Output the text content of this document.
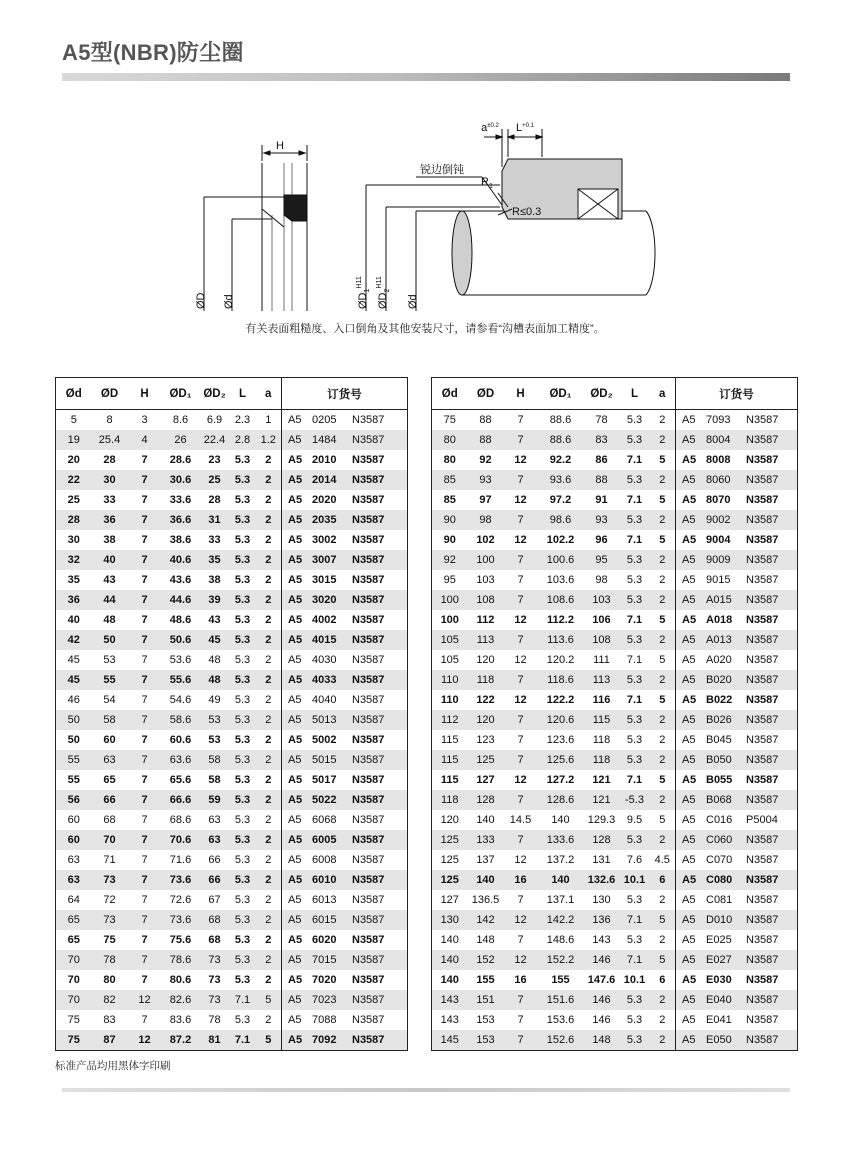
A5型(NBR)防尘圈
H
$a^{\pm 0.2}$ $L^{+0.1}$
锐边倒钝
$R_1$
R≤0.3
ØD Ød	$ØD_1^{H11}$
$ØD_2^{H11}$
Ød
有关表面粗糙度、入口倒角及其他安装尺寸，请参看“沟槽表面加工精度”。
Ød	ØD	H	ØD₁	ØD₂	L	a	订货号
5	8	3	8.6	6.9	2.3	1	A5 0205 N3587
19	25.4	4	26	22.4	2.8	1.2	A5 1484 N3587
20	28	7	28.6	23	5.3	2	A5 2010 N3587
22	30	7	30.6	25	5.3	2	A5 2014 N3587
25	33	7	33.6	28	5.3	2	A5 2020 N3587
28	36	7	36.6	31	5.3	2	A5 2035 N3587
30	38	7	38.6	33	5.3	2	A5 3002 N3587
32	40	7	40.6	35	5.3	2	A5 3007 N3587
35	43	7	43.6	38	5.3	2	A5 3015 N3587
36	44	7	44.6	39	5.3	2	A5 3020 N3587
40	48	7	48.6	43	5.3	2	A5 4002 N3587
42	50	7	50.6	45	5.3	2	A5 4015 N3587
45	53	7	53.6	48	5.3	2	A5 4030 N3587
45	55	7	55.6	48	5.3	2	A5 4033 N3587
46	54	7	54.6	49	5.3	2	A5 4040 N3587
50	58	7	58.6	53	5.3	2	A5 5013 N3587
50	60	7	60.6	53	5.3	2	A5 5002 N3587
55	63	7	63.6	58	5.3	2	A5 5015 N3587
55	65	7	65.6	58	5.3	2	A5 5017 N3587
56	66	7	66.6	59	5.3	2	A5 5022 N3587
60	68	7	68.6	63	5.3	2	A5 6068 N3587
60	70	7	70.6	63	5.3	2	A5 6005 N3587
63	71	7	71.6	66	5.3	2	A5 6008 N3587
63	73	7	73.6	66	5.3	2	A5 6010 N3587
64	72	7	72.6	67	5.3	2	A5 6013 N3587
65	73	7	73.6	68	5.3	2	A5 6015 N3587
65	75	7	75.6	68	5.3	2	A5 6020 N3587
70	78	7	78.6	73	5.3	2	A5 7015 N3587
70	80	7	80.6	73	5.3	2	A5 7020 N3587
70	82	12	82.6	73	7.1	5	A5 7023 N3587
75	83	7	83.6	78	5.3	2	A5 7088 N3587
75	87	12	87.2	81	7.1	5	A5 7092 N3587
Ød	ØD	H	ØD₁	ØD₂	L	a	订货号
75	88	7	88.6	78	5.3	2	A5 7093 N3587
80	88	7	88.6	83	5.3	2	A5 8004 N3587
80	92	12	92.2	86	7.1	5	A5 8008 N3587
85	93	7	93.6	88	5.3	2	A5 8060 N3587
85	97	12	97.2	91	7.1	5	A5 8070 N3587
90	98	7	98.6	93	5.3	2	A5 9002 N3587
90	102	12	102.2	96	7.1	5	A5 9004 N3587
92	100	7	100.6	95	5.3	2	A5 9009 N3587
95	103	7	103.6	98	5.3	2	A5 9015 N3587
100	108	7	108.6	103	5.3	2	A5 A015 N3587
100	112	12	112.2	106	7.1	5	A5 A018 N3587
105	113	7	113.6	108	5.3	2	A5 A013 N3587
105	120	12	120.2	111	7.1	5	A5 A020 N3587
110	118	7	118.6	113	5.3	2	A5 B020 N3587
110	122	12	122.2	116	7.1	5	A5 B022 N3587
112	120	7	120.6	115	5.3	2	A5 B026 N3587
115	123	7	123.6	118	5.3	2	A5 B045 N3587
115	125	7	125.6	118	5.3	2	A5 B050 N3587
115	127	12	127.2	121	7.1	5	A5 B055 N3587
118	128	7	128.6	121	-5.3	2	A5 B068 N3587
120	140	14.5	140	129.3	9.5	5	A5 C016 P5004
125	133	7	133.6	128	5.3	2	A5 C060 N3587
125	137	12	137.2	131	7.6	4.5	A5 C070 N3587
125	140	16	140	132.6	10.1	6	A5 C080 N3587
127	136.5	7	137.1	130	5.3	2	A5 C081 N3587
130	142	12	142.2	136	7.1	5	A5 D010 N3587
140	148	7	148.6	143	5.3	2	A5 E025 N3587
140	152	12	152.2	146	7.1	5	A5 E027 N3587
140	155	16	155	147.6	10.1	6	A5 E030 N3587
143	151	7	151.6	146	5.3	2	A5 E040 N3587
143	153	7	153.6	146	5.3	2	A5 E041 N3587
145	153	7	152.6	148	5.3	2	A5 E050 N3587
标准产品均用黑体字印刷
